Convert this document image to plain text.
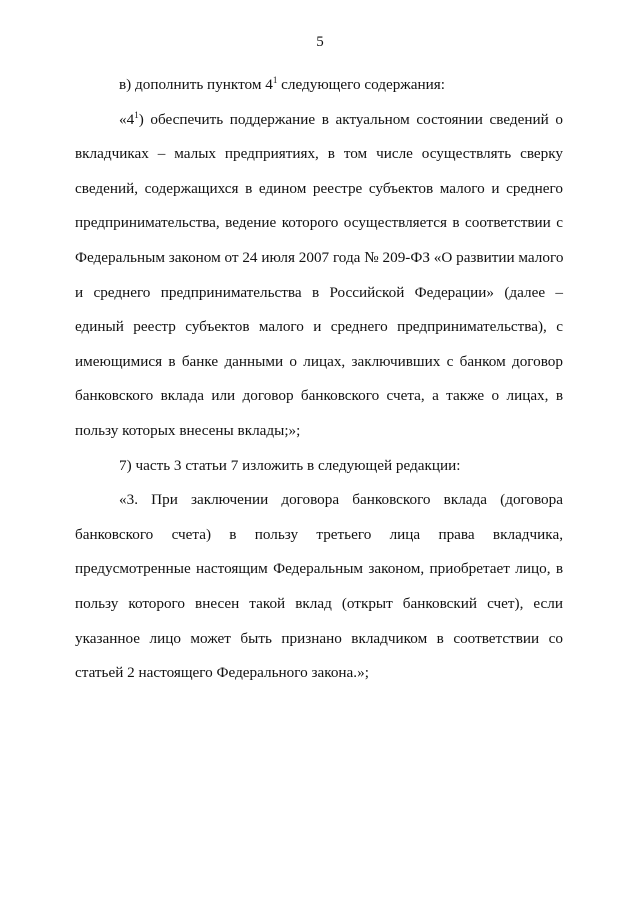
5
в) дополнить пунктом $4^1$ следующего содержания:
«$4^1$) обеспечить поддержание в актуальном состоянии сведений о
вкладчиках – малых предприятиях, в том числе осуществлять сверку
сведений, содержащихся в едином реестре субъектов малого и среднего
предпринимательства, ведение которого осуществляется в соответствии с
Федеральным законом от 24 июля 2007 года № 209-ФЗ «О развитии малого
и среднего предпринимательства в Российской Федерации» (далее –
единый реестр субъектов малого и среднего предпринимательства), с
имеющимися в банке данными о лицах, заключивших с банком договор
банковского вклада или договор банковского счета, а также о лицах, в
пользу которых внесены вклады;»;
7) часть 3 статьи 7 изложить в следующей редакции:
«3. При заключении договора банковского вклада (договора
банковского счета) в пользу третьего лица права вкладчика,
предусмотренные настоящим Федеральным законом, приобретает лицо, в
пользу которого внесен такой вклад (открыт банковский счет), если
указанное лицо может быть признано вкладчиком в соответствии со
статьей 2 настоящего Федерального закона.»;
